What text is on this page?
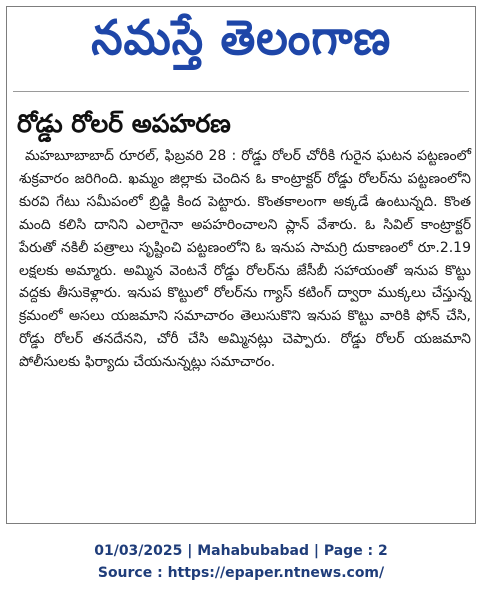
నమస్తే తెలంగాణ
రోడ్డు రోలర్ అపహరణ
మహబూబాబాద్ రూరల్, ఫిబ్రవరి 28 : రోడ్డు రోలర్ చోరీకి గురైన ఘటన పట్టణంలో శుక్రవారం జరిగింది. ఖమ్మం జిల్లాకు చెందిన ఓ కాంట్రాక్టర్ రోడ్డు రోలర్‌ను పట్టణంలోని కురవి గేటు సమీపంలో బ్రిడ్జి కింద పెట్టారు. కొంతకాలంగా అక్కడే ఉంటున్నది. కొంత మంది కలిసి దానిని ఎలాగైనా అపహరించాలని ప్లాన్ వేశారు. ఓ సివిల్ కాంట్రాక్టర్ పేరుతో నకిలీ పత్రాలు సృష్టించి పట్టణంలోని ఓ ఇనుప సామగ్రి దుకాణంలో రూ.2.19 లక్షలకు అమ్మారు. అమ్మిన వెంటనే రోడ్డు రోలర్‌ను జేసీబీ సహాయంతో ఇనుప కొట్టు వద్దకు తీసుకెళ్లారు. ఇనుప కొట్టులో రోలర్‌ను గ్యాస్ కటింగ్ ద్వారా ముక్కలు చేస్తున్న క్రమంలో అసలు యజమాని సమాచారం తెలుసుకొని ఇనుప కొట్టు వారికి ఫోన్ చేసి, రోడ్డు రోలర్ తనదేనని, చోరీ చేసి అమ్మినట్లు చెప్పారు. రోడ్డు రోలర్ యజమాని పోలీసులకు ఫిర్యాదు చేయనున్నట్లు సమాచారం.
01/03/2025 | Mahabubabad | Page : 2
Source : https://epaper.ntnews.com/
